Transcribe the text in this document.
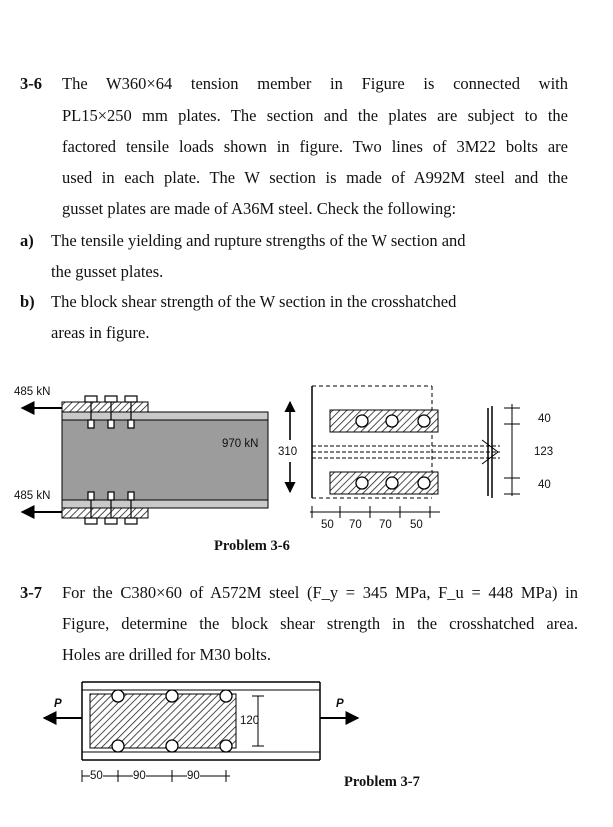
3-6 The W360×64 tension member in Figure is connected with
PL15×250 mm plates. The section and the plates are subject to the
factored tensile loads shown in figure. Two lines of 3M22 bolts are
used in each plate. The W section is made of A992M steel and the
gusset plates are made of A36M steel. Check the following:
a) The tensile yielding and rupture strengths of the W section and
the gusset plates.
b) The block shear strength of the W section in the crosshatched
areas in figure.
485 kN
485 kN
970 kN
310
50 70 70 50
40
123
40
Problem 3-6
3-7 For the C380×60 of A572M steel (F_y = 345 MPa, F_u = 448 MPa) in
Figure, determine the block shear strength in the crosshatched area.
Holes are drilled for M30 bolts.
P	P
120
50	90	90	Problem 3-7
